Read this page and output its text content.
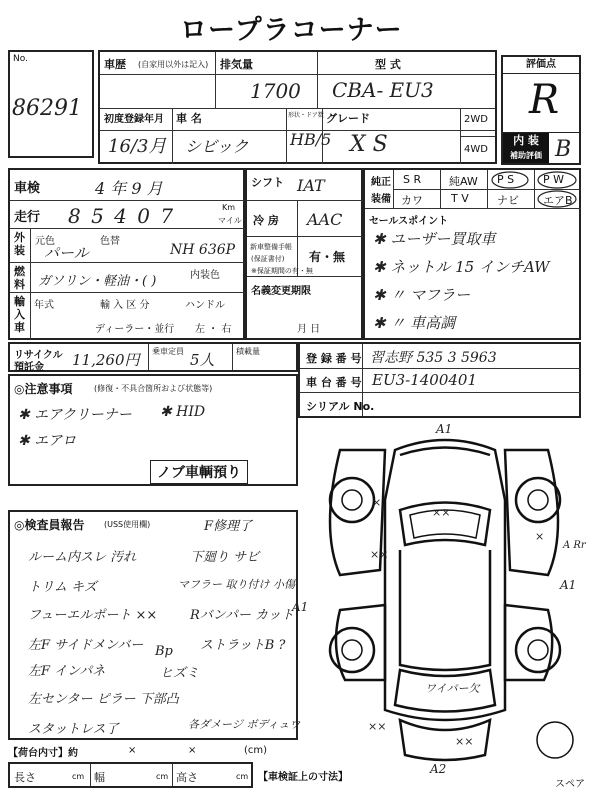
ロープラコーナー
No.
86291
車歴 (自家用以外は記入) 排気量
1700
型 式
CBA- EU3
初度登録年月
16/3月
車 名
シビック
形状・ドア数
HB/5
グレード
X S
2WD
4WD
評価点
R
内 装
補助評価 B
車検	4 年 9 月
走行 8 5 4 0 7	Km
マイル
外装
元色	色替
パール	NH 636P
燃料 ガソリン・軽油・( )	内装色
輸入車
年式	輸 入 区 分	ハンドル
ディーラー・並行 左 ・ 右
シフト IAT
冷 房 AAC
新車整備手帳
(保証書付) 有・無
※保証期間の有・無
名義変更期限
月 日
純正
装備
S R	純AW P S	P W
カワ	T V	ナビ エアB
セールスポイント
✱ ユーザー買取車
✱ ネットル 15 インチAW
✱ 〃 マフラー
✱ 〃 車高調
リサイクル
預託金 11,260円 乗車定員 5人	積載量
登 録 番 号 習志野 535 3 5963
車 台 番 号 EU3-1400401
シリアル No.
◎注意事項	(修復・不具合箇所および状態等)
✱ エアクリーナー ✱ HID
✱ エアロ
ノブ車輌預り
◎検査員報告 (USS使用欄)	F修理了
ルーム内スレ 汚れ	下廻り サビ
トリム キズ	マフラー 取り付け 小傷
フューエルポート ××	Rバンパー カット
左F サイドメンバー Bp ストラットB ?
左F インパネ	ヒズミ
左センター ピラー 下部凸
スタットレス了	各ダメージ ボディュウ
A1
A1
A1
A2
A Rr
ワイパー欠
スペア
××
××
×
×
××
××
【荷台内寸】約	×	×	(cm)
長さ	cm 幅	cm 高さ	cm 【車検証上の寸法】
